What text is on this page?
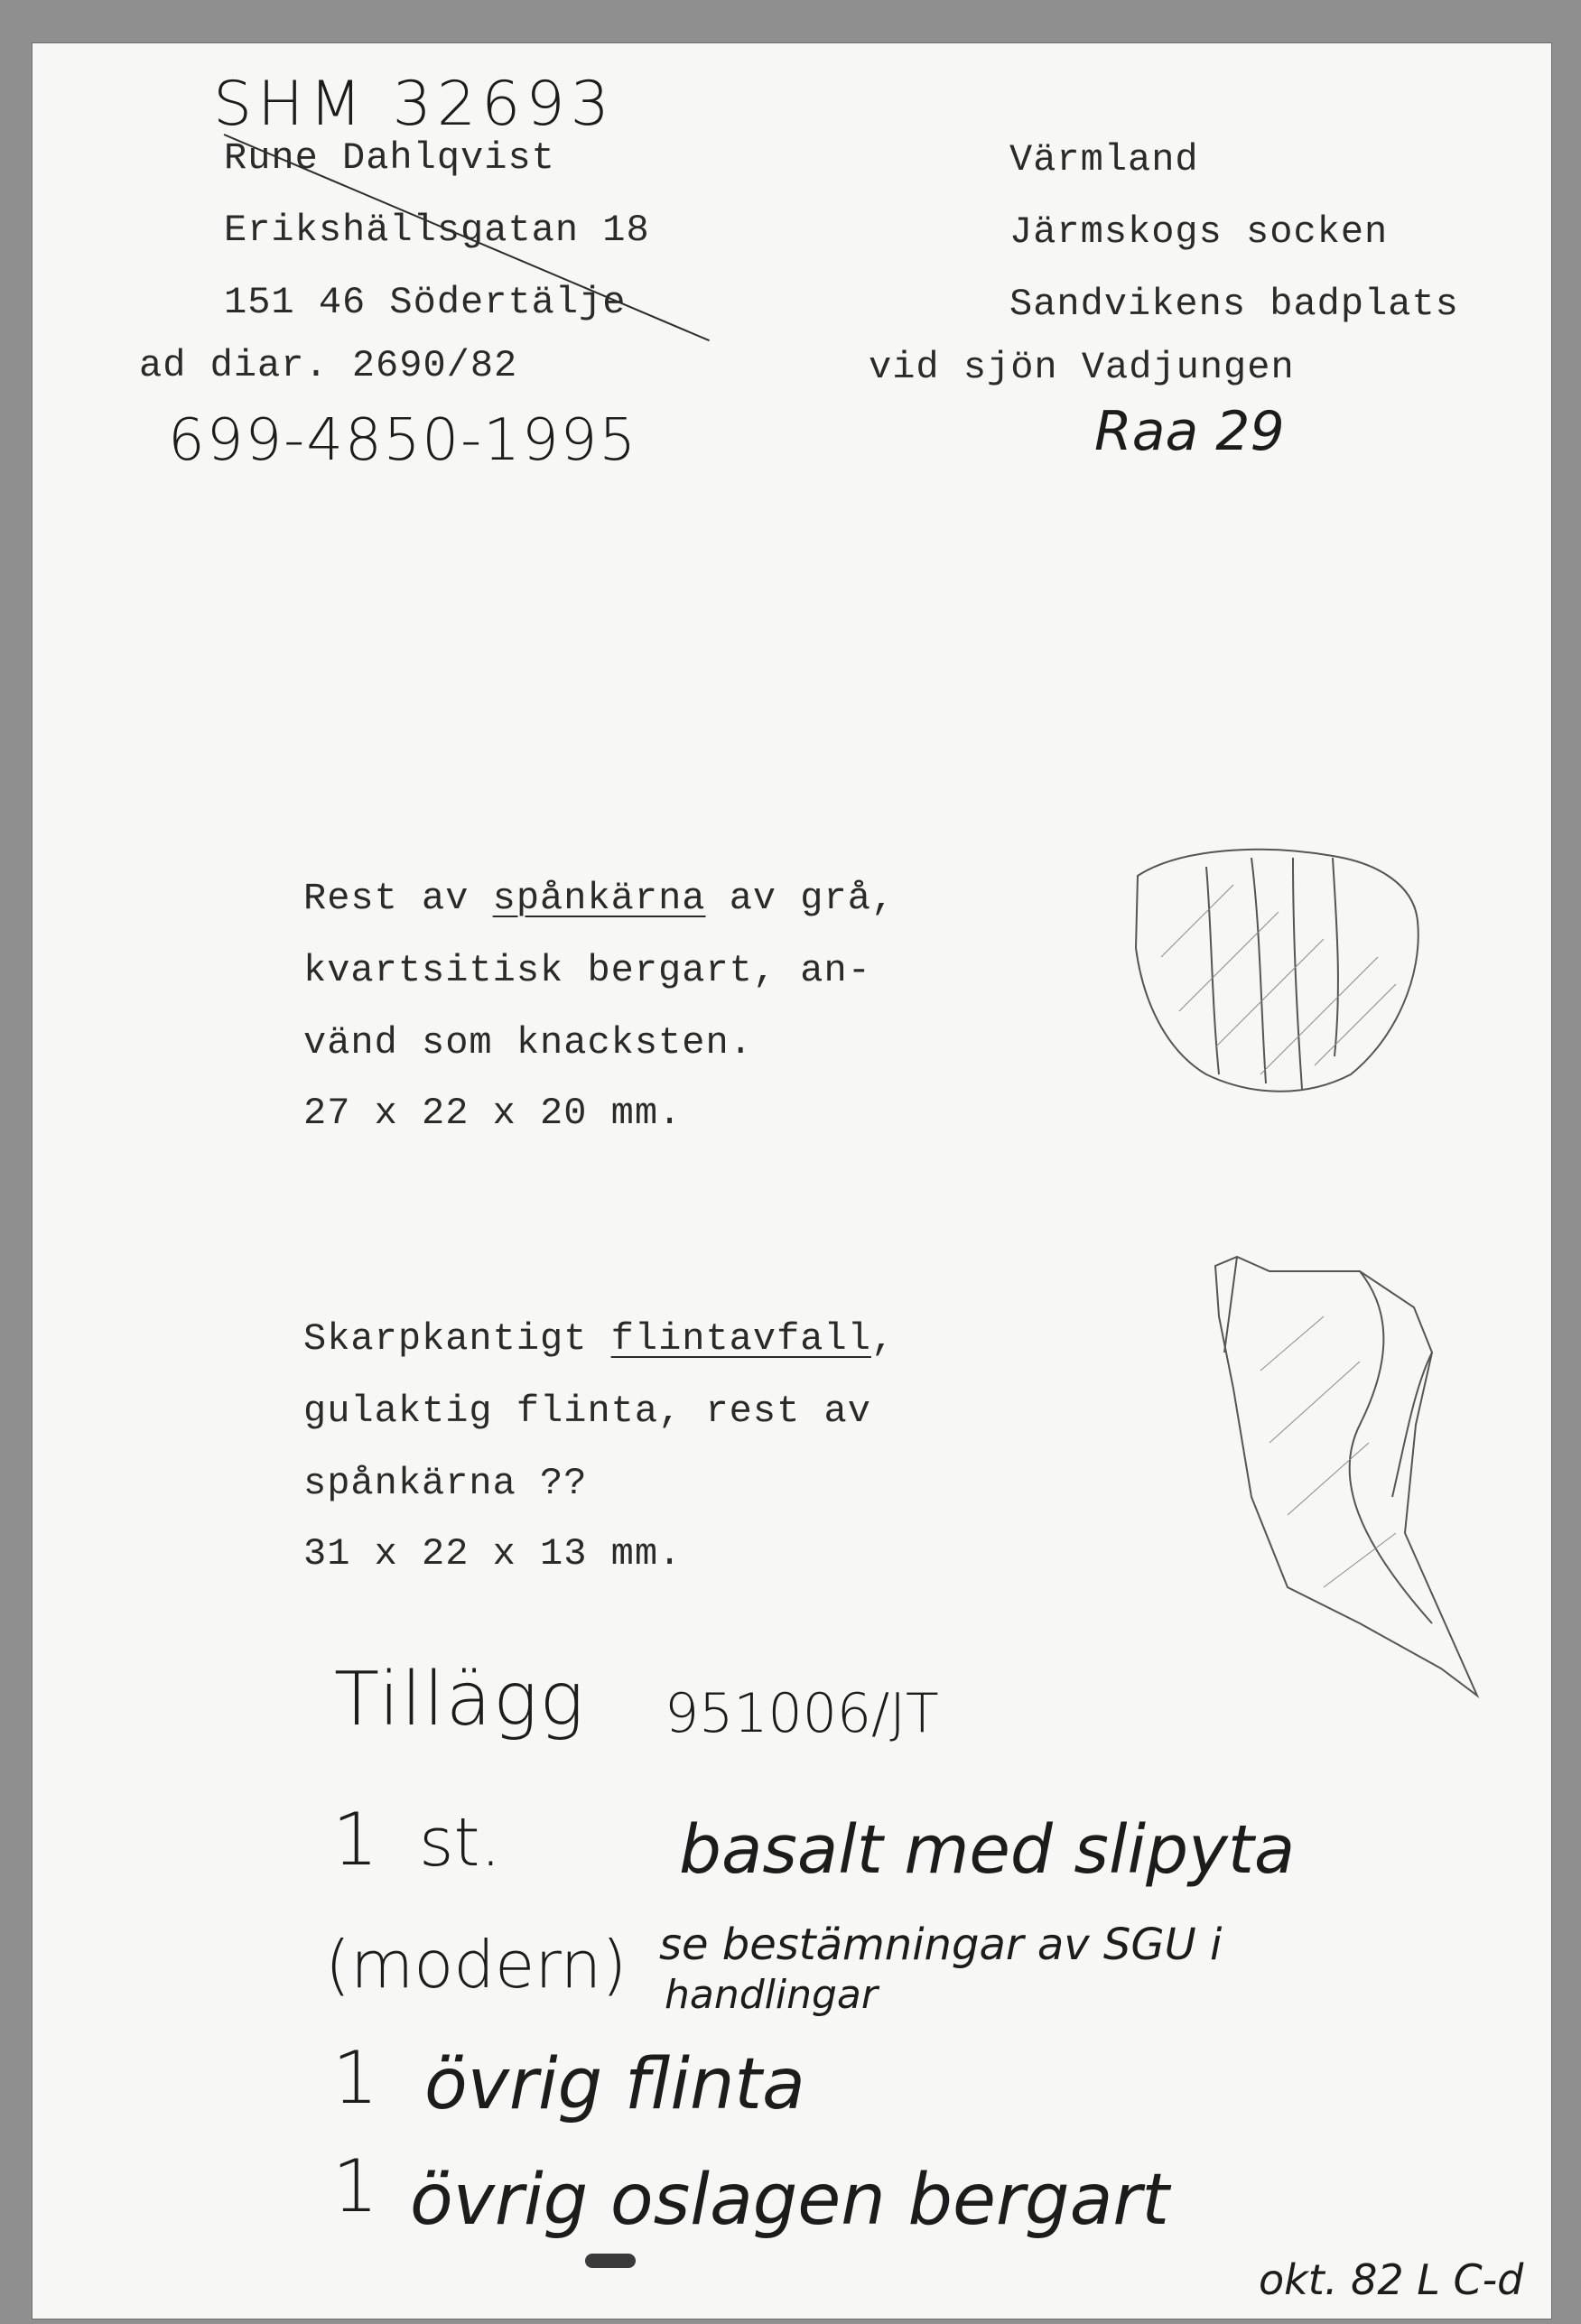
SHM 32693

Rune Dahlqvist

Erikshällsgatan 18

151 46 Södertälje

ad diar. 2690/82

699-4850-1995

Värmland

Järmskogs socken

Sandvikens badplats

vid sjön Vadjungen

Raa 29

Rest av spånkärna av grå,

kvartsitisk bergart, an-

vänd som knacksten.

27 x 22 x 20 mm.

Skarpkantigt flintavfall,

gulaktig flinta, rest av

spånkärna ??

31 x 22 x 13 mm.

Tillägg 951006/JT

1 st.	basalt med slipyta

(modern) se bestämningar av SGU i

handlingar

1 övrig flinta

1 övrig oslagen bergart

okt. 82 L C-d
